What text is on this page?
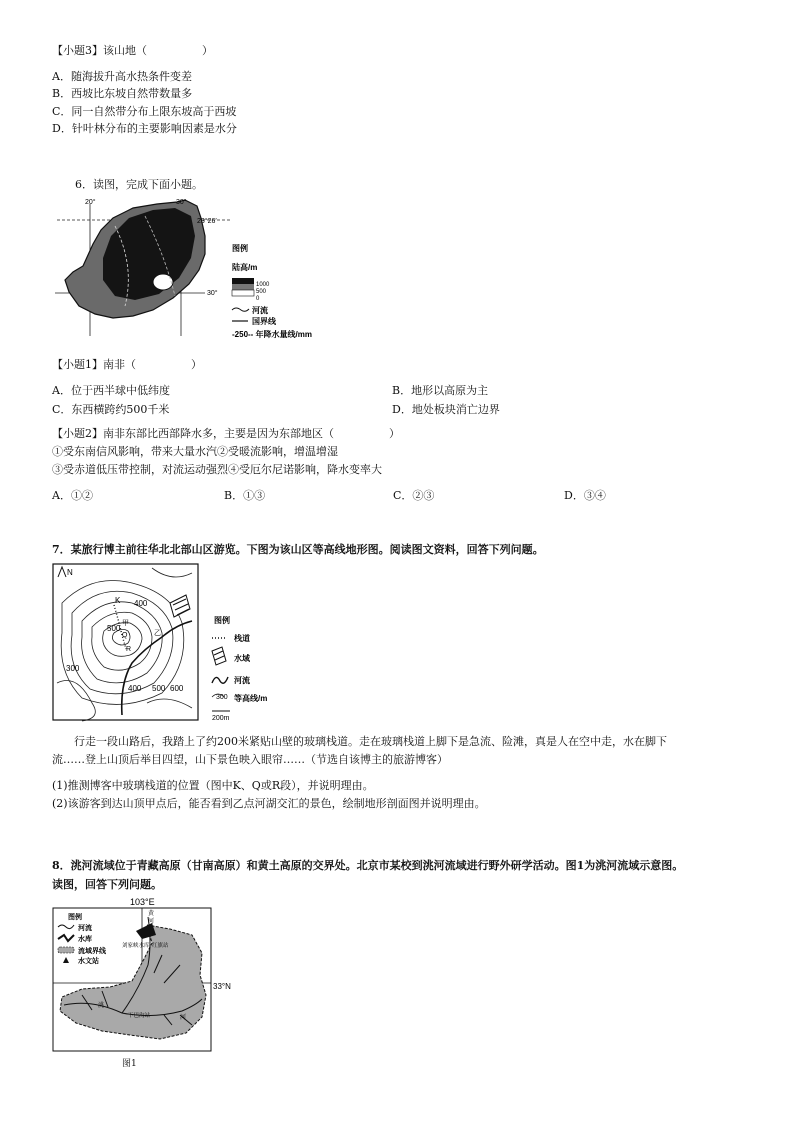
【小题3】该山地（　　　　　）
A．随海拔升高水热条件变差
B．西坡比东坡自然带数量多
C．同一自然带分布上限东坡高于西坡
D．针叶林分布的主要影响因素是水分
6．读图，完成下面小题。
20°	30°
23°26′
30°
图例
陆高/m
1000
500
0
河流
国界线
-250-- 年降水量线/mm
【小题1】南非（　　　　　）
A．位于西半球中低纬度	B．地形以高原为主
C．东西横跨约500千米	D．地处板块消亡边界
【小题2】南非东部比西部降水多，主要是因为东部地区（　　　　　）
①受东南信风影响，带来大量水汽②受暖流影响，增温增湿
③受赤道低压带控制，对流运动强烈④受厄尔尼诺影响，降水变率大
A．①②	B．①③	C．②③	D．③④
7．某旅行博主前往华北北部山区游览。下图为该山区等高线地形图。阅读图文资料，回答下列问题。
N
K 400
500
甲
Q
R
乙
300
400 500 600
图例
栈道
水域
河流
300 等高线/m
200m
行走一段山路后，我踏上了约200米紧贴山壁的玻璃栈道。走在玻璃栈道上脚下是急流、险滩，真是人在空中走，水在脚下
流……登上山顶后举目四望，山下景色映入眼帘……（节选自该博主的旅游博客）
(1)推测博客中玻璃栈道的位置（图中K、Q或R段），并说明理由。
(2)该游客到达山顶甲点后，能否看到乙点河湖交汇的景色，绘制地形剖面图并说明理由。
8．洮河流域位于青藏高原（甘南高原）和黄土高原的交界处。北京市某校到洮河流域进行野外研学活动。图1为洮河流域示意图。
读图，回答下列问题。
103°E
33°N
刘家峡水库 红旗站
下巴沟站
洮
河
黄
河
图例
河流
水库
流域界线
水文站
图1
